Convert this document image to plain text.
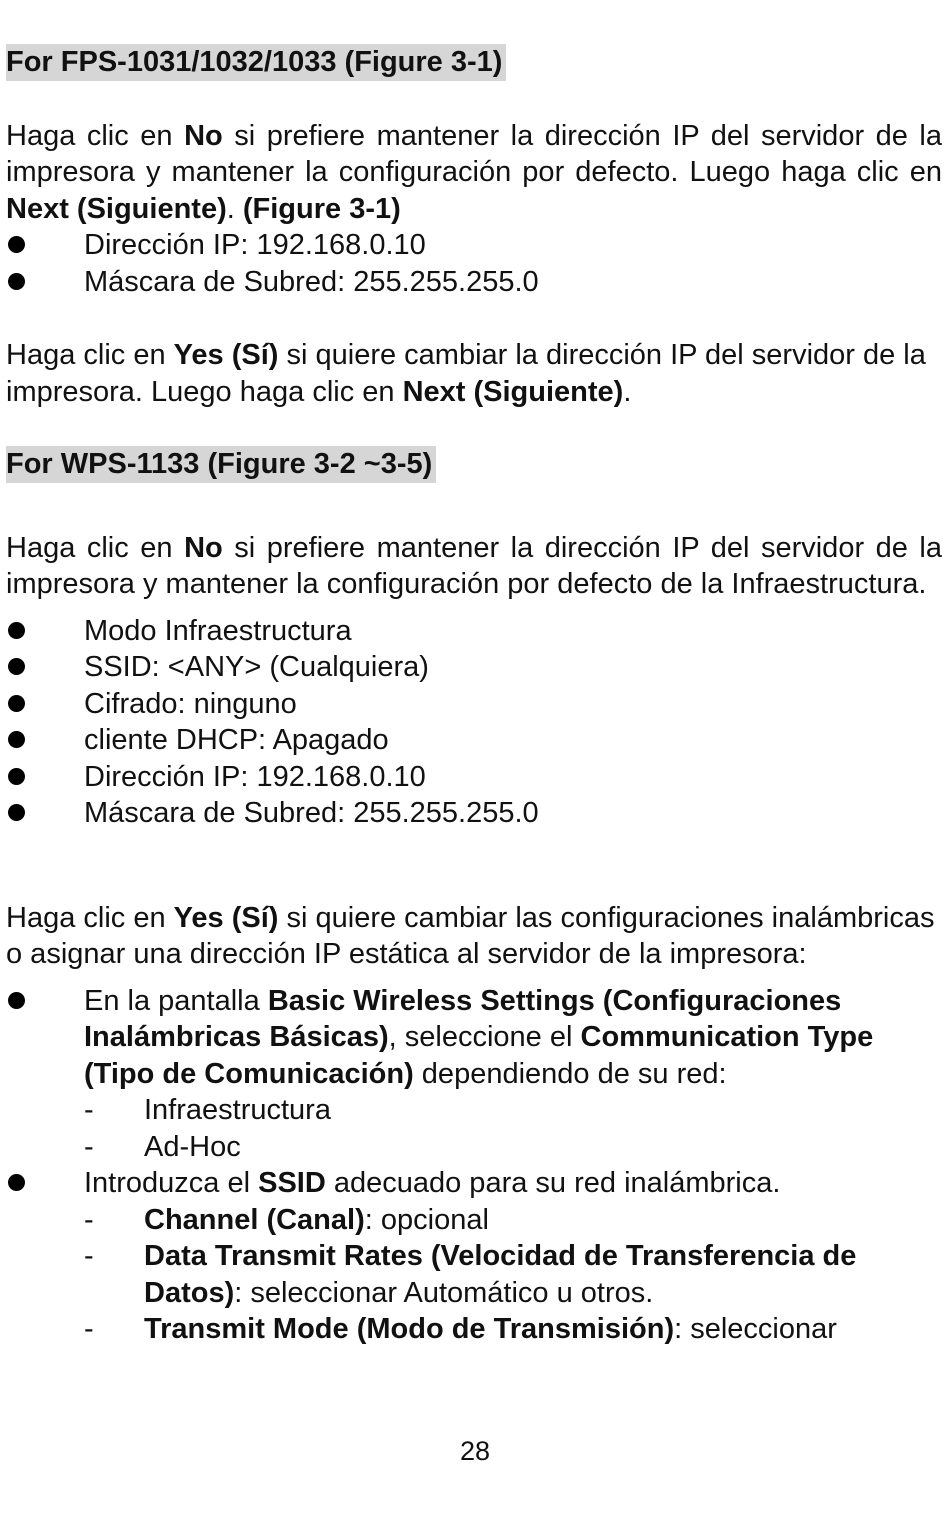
For FPS-1031/1032/1033 (Figure 3-1)

Haga clic en No si prefiere mantener la dirección IP del servidor de la impresora y mantener la configuración por defecto. Luego haga clic en Next (Siguiente). (Figure 3-1)

Dirección IP: 192.168.0.10
Máscara de Subred: 255.255.255.0

Haga clic en Yes (Sí) si quiere cambiar la dirección IP del servidor de la impresora. Luego haga clic en Next (Siguiente).

For WPS-1133 (Figure 3-2 ~3-5)

Haga clic en No si prefiere mantener la dirección IP del servidor de la impresora y mantener la configuración por defecto de la Infraestructura.

Modo Infraestructura
SSID: <ANY> (Cualquiera)
Cifrado: ninguno
cliente DHCP: Apagado
Dirección IP: 192.168.0.10
Máscara de Subred: 255.255.255.0

Haga clic en Yes (Sí) si quiere cambiar las configuraciones inalámbricas o asignar una dirección IP estática al servidor de la impresora:

En la pantalla Basic Wireless Settings (Configuraciones Inalámbricas Básicas), seleccione el Communication Type (Tipo de Comunicación) dependiendo de su red:
- Infraestructura
- Ad-Hoc
Introduzca el SSID adecuado para su red inalámbrica.
- Channel (Canal): opcional
- Data Transmit Rates (Velocidad de Transferencia de Datos): seleccionar Automático u otros.
- Transmit Mode (Modo de Transmisión): seleccionar
28
